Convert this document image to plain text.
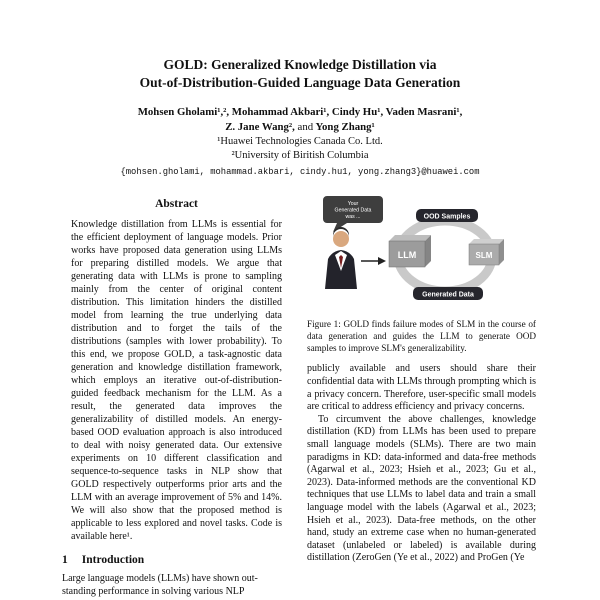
GOLD: Generalized Knowledge Distillation via
Out-of-Distribution-Guided Language Data Generation
Mohsen Gholami¹,², Mohammad Akbari¹, Cindy Hu¹, Vaden Masrani¹,
Z. Jane Wang², and Yong Zhang¹
¹Huawei Technologies Canada Co. Ltd.
²University of Biritish Columbia
{mohsen.gholami, mohammad.akbari, cindy.hu1, yong.zhang3}@huawei.com
Abstract

Knowledge distillation from LLMs is essential for the efficient deployment of language models. Prior works have proposed data generation using LLMs for preparing distilled models. We argue that generating data with LLMs is prone to sampling mainly from the center of original content distribution. This limitation hinders the distilled model from learning the true underlying data distribution and to forget the tails of the distributions (samples with lower probability). To this end, we propose GOLD, a task-agnostic data generation and knowledge distillation framework, which employs an iterative out-of-distribution-guided feedback mechanism for the LLM. As a result, the generated data improves the generalizability of distilled models. An energy-based OOD evaluation approach is also introduced to deal with noisy generated data. Our extensive experiments on 10 different classification and sequence-to-sequence tasks in NLP show that GOLD respectively outperforms prior arts and the LLM with an average improvement of 5% and 14%. We will also show that the proposed method is applicable to less explored and novel tasks. Code is available here¹.

1 Introduction

Large language models (LLMs) have shown out-
standing performance in solving various NLP

Your
Generated Data
was ...
LLM	SLM
OOD Samples
Generated Data
Figure 1: GOLD finds failure modes of SLM in the course of data generation and guides the LLM to generate OOD samples to improve SLM's generalizability.

publicly available and users should share their confidential data with LLMs through prompting which is a privacy concern. Therefore, user-specific small models are critical to address efficiency and privacy concerns.

To circumvent the above challenges, knowledge distillation (KD) from LLMs has been used to prepare small language models (SLMs). There are two main paradigms in KD: data-informed and data-free methods (Agarwal et al., 2023; Hsieh et al., 2023; Gu et al., 2023). Data-informed methods are the conventional KD techniques that use LLMs to label data and train a small language model with the labels (Agarwal et al., 2023; Hsieh et al., 2023). Data-free methods, on the other hand, study an extreme case when no human-generated dataset (unlabeled or labeled) is available during distillation (ZeroGen (Ye et al., 2022) and ProGen (Ye
